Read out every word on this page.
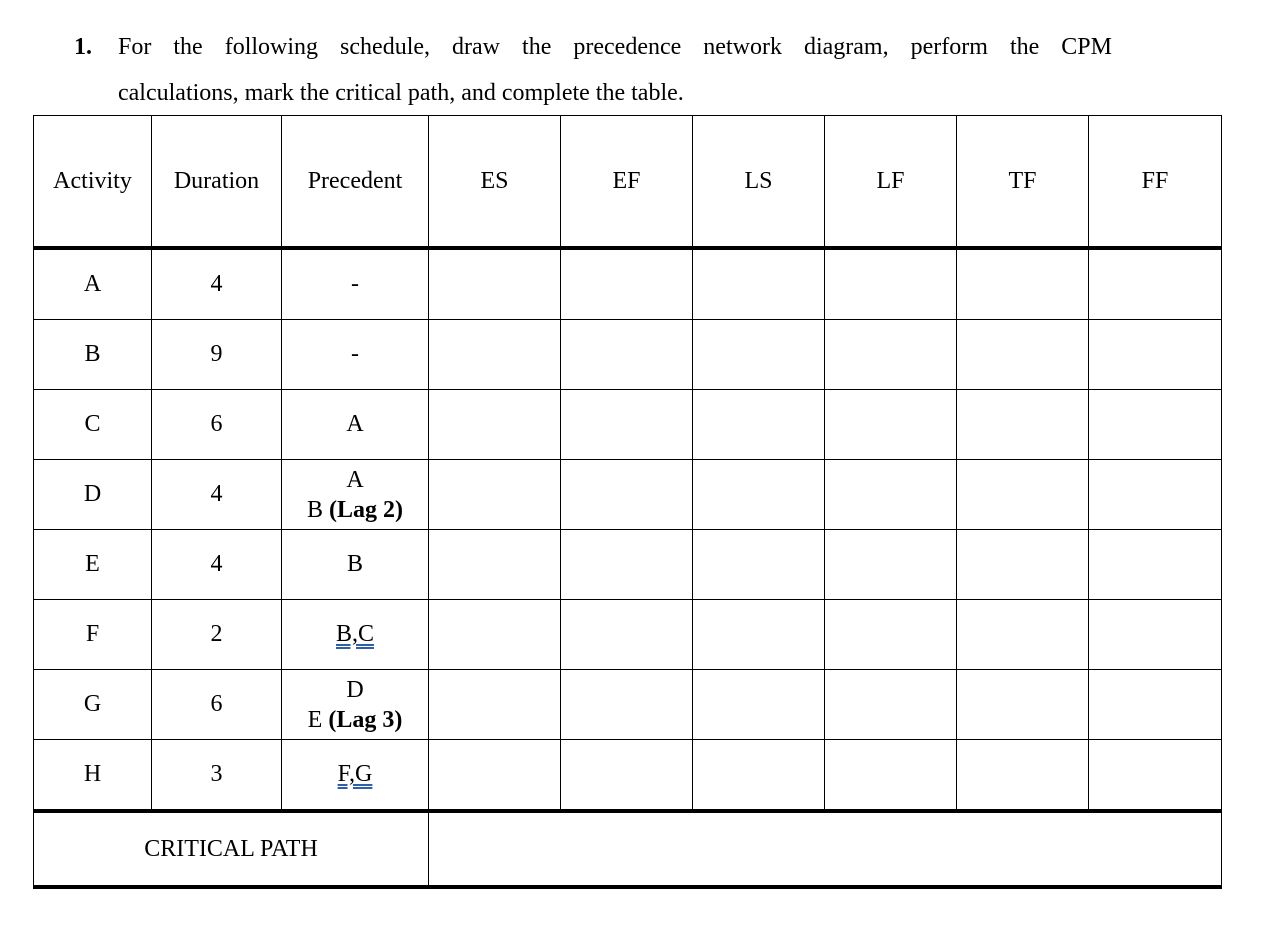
1. For the following schedule, draw the precedence network diagram, perform the CPM
calculations, mark the critical path, and complete the table.
Activity	Duration	Precedent	ES	EF	LS	LF	TF	FF
A	4	-						
B	9	-						
C	6	A						
D	4	A
B (Lag 2)						

E	4	B						
F	2	B,C						
G	6	D
E (Lag 3)						

H	3	F,G						
CRITICAL PATH								
